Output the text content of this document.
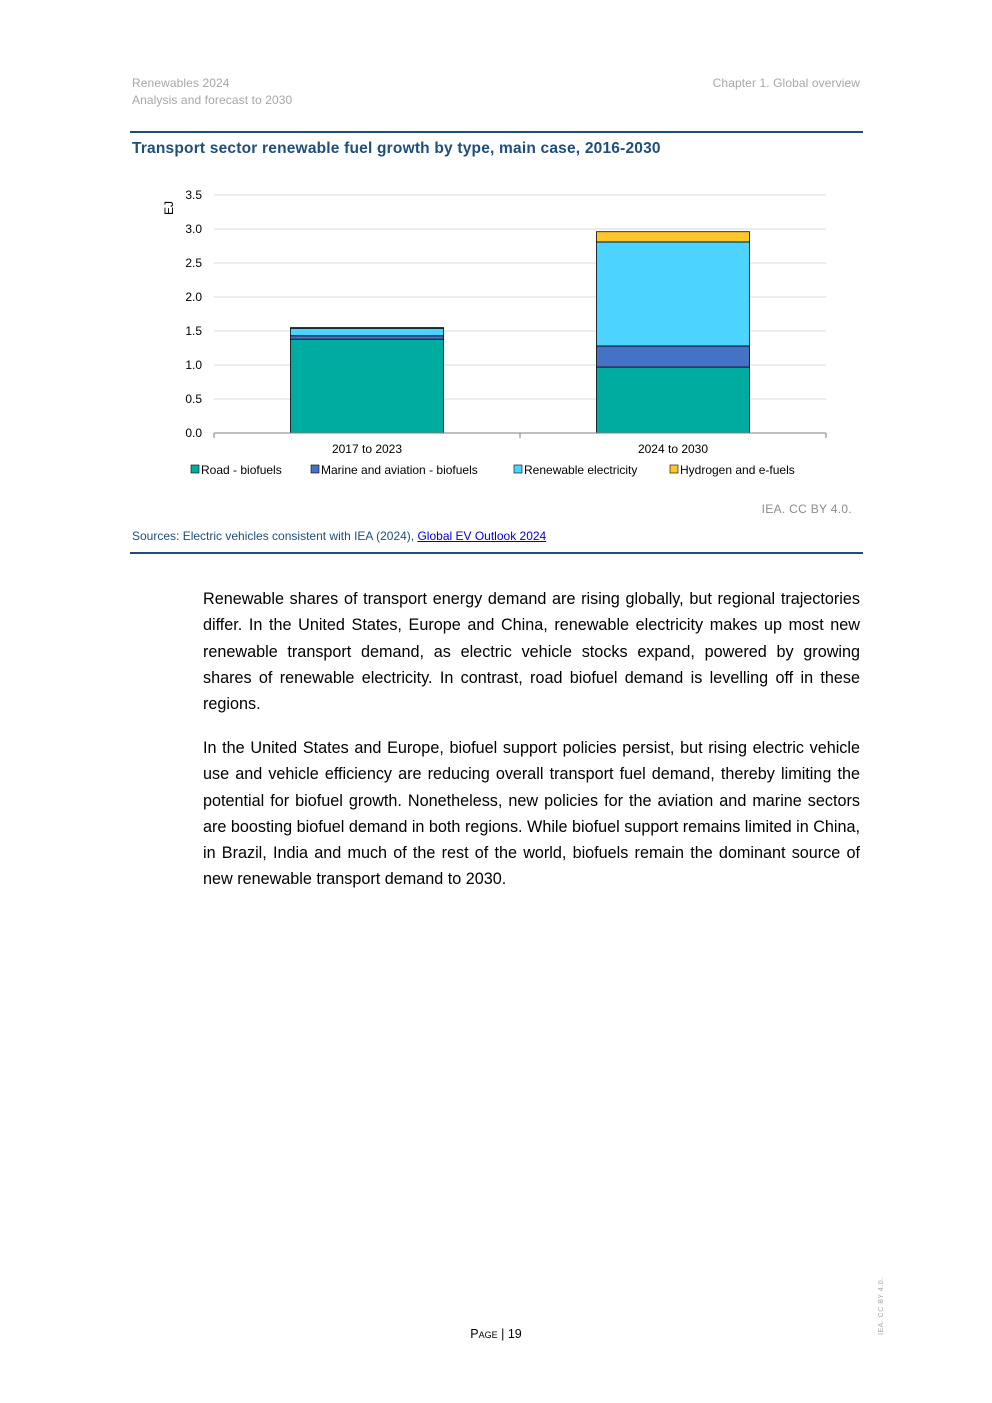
Renewables 2024
Analysis and forecast to 2030
Chapter 1. Global overview
Transport sector renewable fuel growth by type, main case, 2016-2030
0.0
0.5
1.0
1.5
2.0
2.5
3.0
3.5
2017 to 2023	2024 to 2030
Road - biofuels	Marine and aviation - biofuels	Renewable electricity	Hydrogen and e-fuels
EJ
IEA. CC BY 4.0.
Sources: Electric vehicles consistent with IEA (2024), Global EV Outlook 2024
Renewable shares of transport energy demand are rising globally, but regional trajectories differ. In the United States, Europe and China, renewable electricity makes up most new renewable transport demand, as electric vehicle stocks expand, powered by growing shares of renewable electricity. In contrast, road biofuel demand is levelling off in these regions.
In the United States and Europe, biofuel support policies persist, but rising electric vehicle use and vehicle efficiency are reducing overall transport fuel demand, thereby limiting the potential for biofuel growth. Nonetheless, new policies for the aviation and marine sectors are boosting biofuel demand in both regions. While biofuel support remains limited in China, in Brazil, India and much of the rest of the world, biofuels remain the dominant source of new renewable transport demand to 2030.
Page | 19	IEA. CC BY 4.0.
